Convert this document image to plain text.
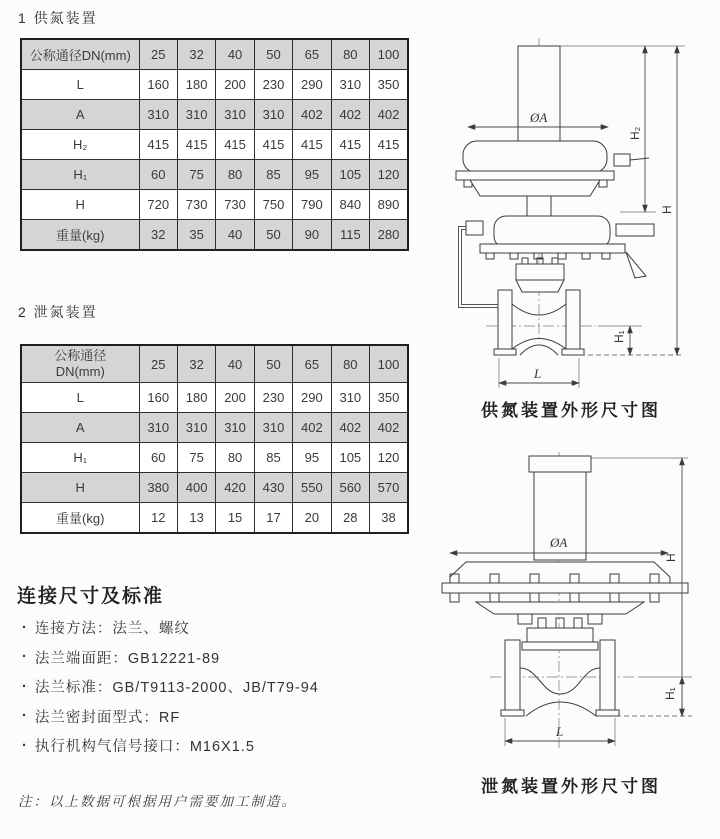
1 供氮装置
公称通径DN(mm)	25	32	40	50	65	80	100
L	160	180	200	230	290	310	350
A	310	310	310	310	402	402	402
H₂	415	415	415	415	415	415	415
H₁	60	75	80	85	95	105	120
H	720	730	730	750	790	840	890
重量(kg)	32	35	40	50	90	115	280
2 泄氮装置
公称通径
DN(mm)	25	32	40	50	65	80	100
L	160	180	200	230	290	310	350
A	310	310	310	310	402	402	402
H₁	60	75	80	85	95	105	120
H	380	400	420	430	550	560	570
重量(kg)	12	13	15	17	20	28	38
连接尺寸及标准
· 连接方法：法兰、螺纹
· 法兰端面距：GB12221-89
· 法兰标准：GB/T9113-2000、JB/T79-94
· 法兰密封面型式：RF
· 执行机构气信号接口：M16X1.5
注：以上数据可根据用户需要加工制造。
ØA
H₂
H
H₁
L
供氮装置外形尺寸图
ØA
H
H₁
L
泄氮装置外形尺寸图
